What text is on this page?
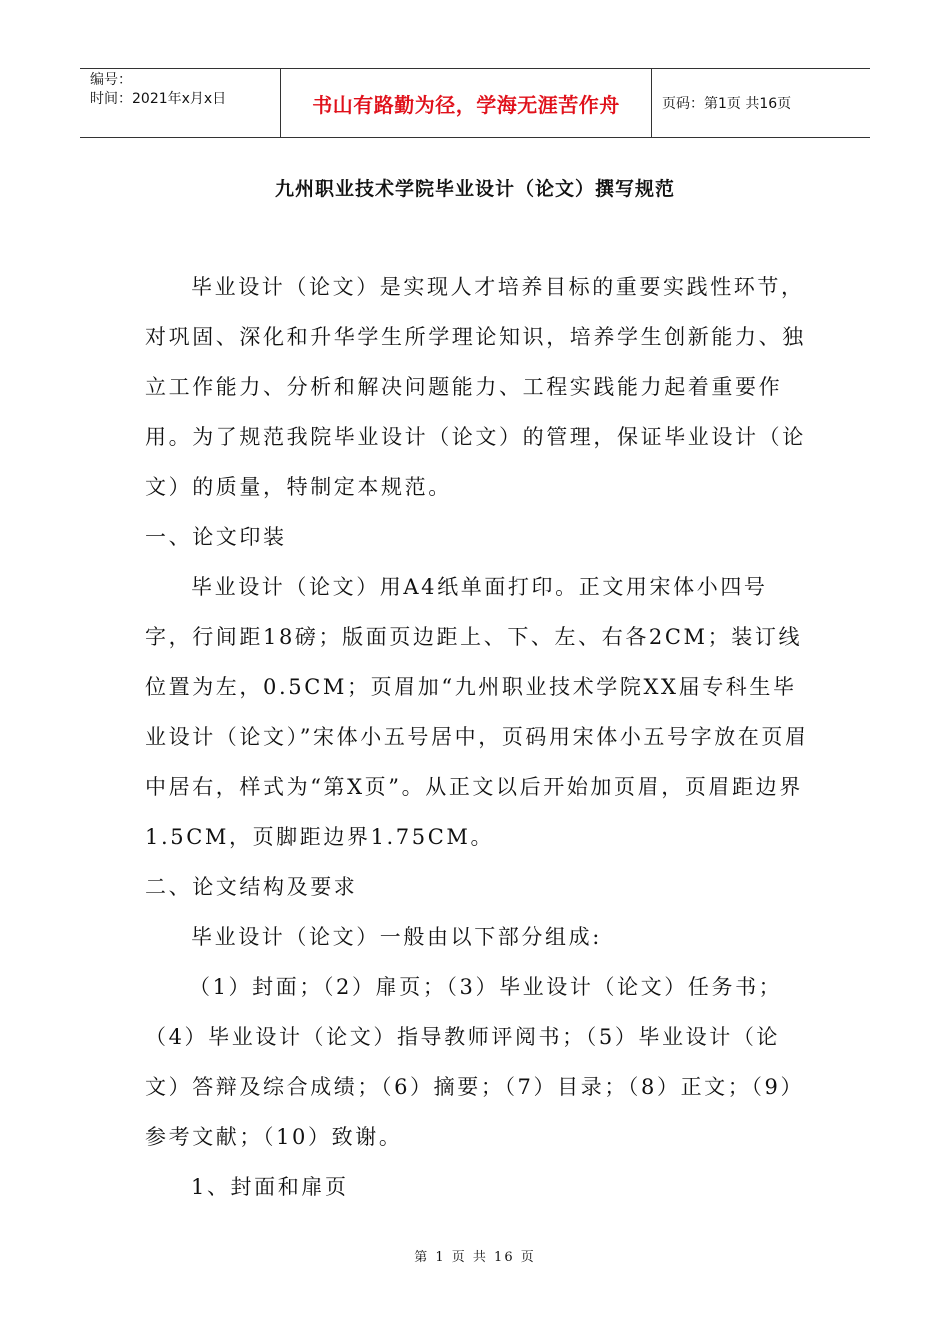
编号：
时间：2021年x月x日	书山有路勤为径，学海无涯苦作舟	页码：第1页 共16页
九州职业技术学院毕业设计（论文）撰写规范

毕业设计（论文）是实现人才培养目标的重要实践性环节，对巩固、深化和升华学生所学理论知识，培养学生创新能力、独立工作能力、分析和解决问题能力、工程实践能力起着重要作用。为了规范我院毕业设计（论文）的管理，保证毕业设计（论文）的质量，特制定本规范。

一、论文印装

毕业设计（论文）用A4纸单面打印。正文用宋体小四号字，行间距18磅；版面页边距上、下、左、右各2CM；装订线位置为左，0.5CM；页眉加“九州职业技术学院XX届专科生毕业设计（论文）”宋体小五号居中，页码用宋体小五号字放在页眉中居右，样式为“第X页”。从正文以后开始加页眉，页眉距边界1.5CM，页脚距边界1.75CM。

二、论文结构及要求

毕业设计（论文）一般由以下部分组成:

（1）封面；（2）扉页；（3）毕业设计（论文）任务书；（4）毕业设计（论文）指导教师评阅书；（5）毕业设计（论文）答辩及综合成绩；（6）摘要；（7）目录；（8）正文；（9）参考文献；（10）致谢。

1、封面和扉页

第 1 页 共 16 页
